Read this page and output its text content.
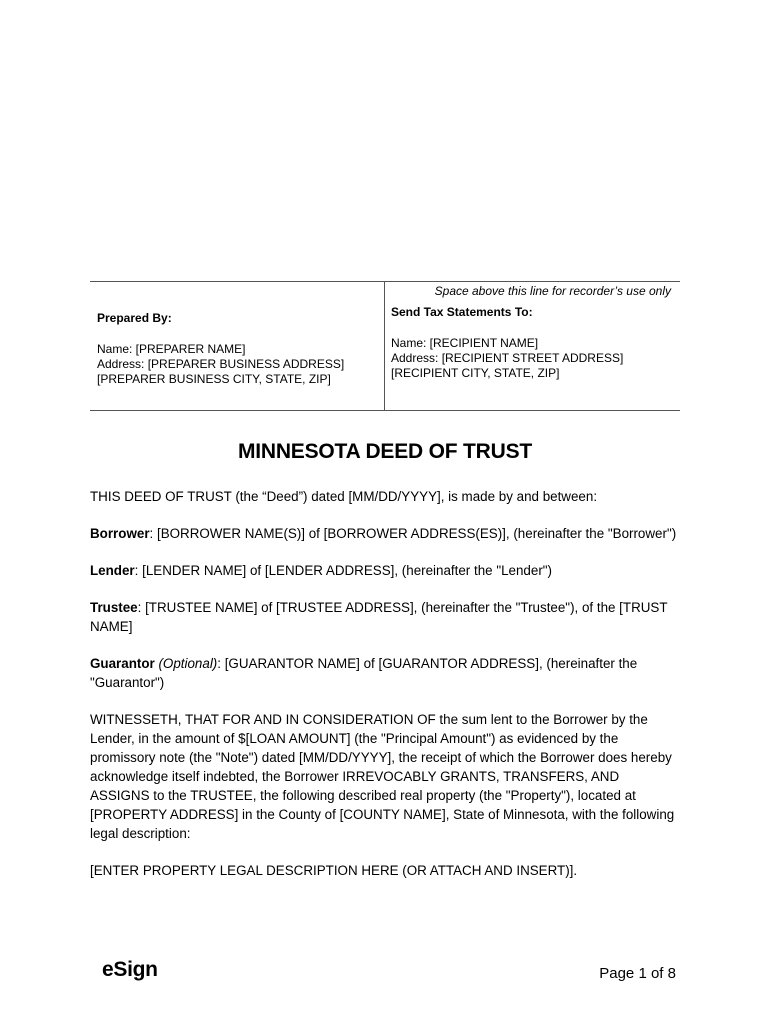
Space above this line for recorder’s use only
Prepared By:
Name: [PREPARER NAME]
Address: [PREPARER BUSINESS ADDRESS]
[PREPARER BUSINESS CITY, STATE, ZIP]
Send Tax Statements To:
Name: [RECIPIENT NAME]
Address: [RECIPIENT STREET ADDRESS]
[RECIPIENT CITY, STATE, ZIP]
MINNESOTA DEED OF TRUST

THIS DEED OF TRUST (the “Deed”) dated [MM/DD/YYYY], is made by and between:

Borrower: [BORROWER NAME(S)] of [BORROWER ADDRESS(ES)], (hereinafter the "Borrower")

Lender: [LENDER NAME] of [LENDER ADDRESS], (hereinafter the "Lender")

Trustee: [TRUSTEE NAME] of [TRUSTEE ADDRESS], (hereinafter the "Trustee"), of the [TRUST NAME]

Guarantor (Optional): [GUARANTOR NAME] of [GUARANTOR ADDRESS], (hereinafter the "Guarantor")

WITNESSETH, THAT FOR AND IN CONSIDERATION OF the sum lent to the Borrower by the Lender, in the amount of $[LOAN AMOUNT] (the "Principal Amount") as evidenced by the promissory note (the "Note") dated [MM/DD/YYYY], the receipt of which the Borrower does hereby acknowledge itself indebted, the Borrower IRREVOCABLY GRANTS, TRANSFERS, AND ASSIGNS to the TRUSTEE, the following described real property (the "Property"), located at [PROPERTY ADDRESS] in the County of [COUNTY NAME], State of Minnesota, with the following legal description:

[ENTER PROPERTY LEGAL DESCRIPTION HERE (OR ATTACH AND INSERT)].

eSign	Page 1 of 8
